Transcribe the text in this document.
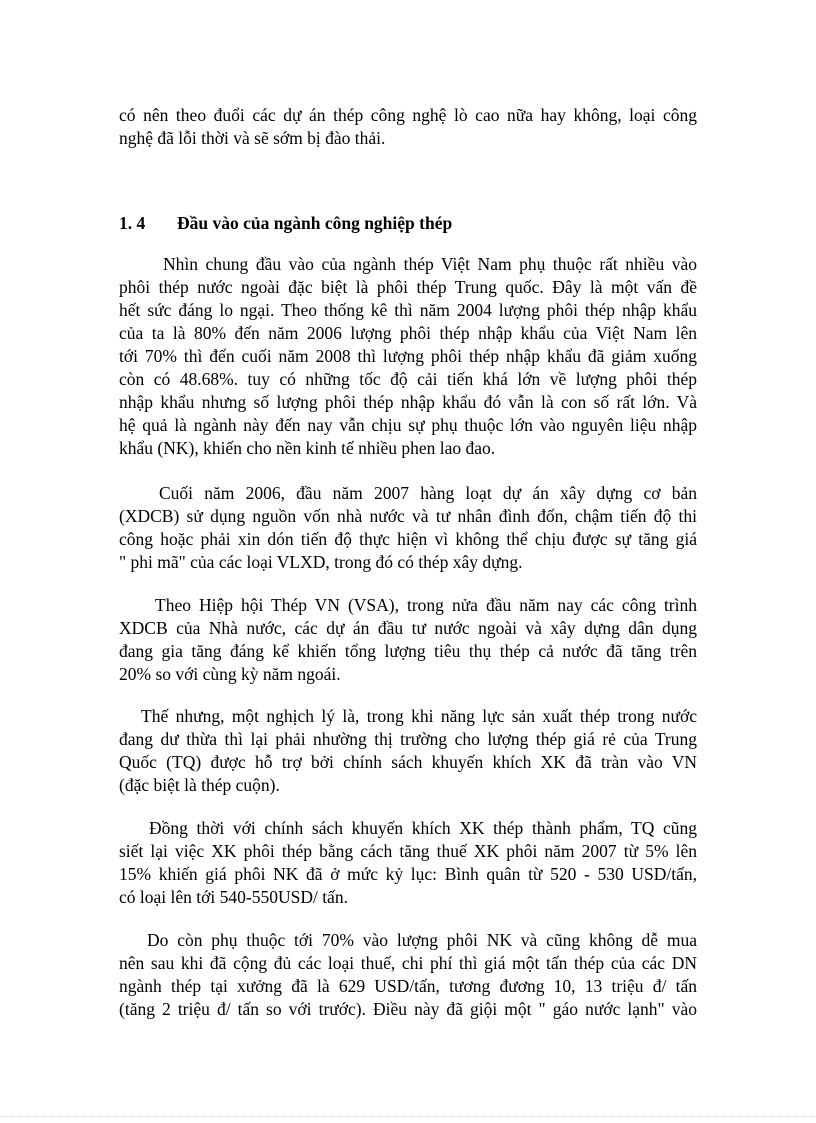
có nên theo đuổi các dự án thép công nghệ lò cao nữa hay không, loại công
nghệ đã lỗi thời và sẽ sớm bị đào thải.
1. 4 Đầu vào của ngành công nghiệp thép
Nhìn chung đầu vào của ngành thép Việt Nam phụ thuộc rất nhiều vào
phôi thép nước ngoài đặc biệt là phôi thép Trung quốc. Đây là một vấn đề
hết sức đáng lo ngại. Theo thống kê thì năm 2004 lượng phôi thép nhập khẩu
của ta là 80% đến năm 2006 lượng phôi thép nhập khẩu của Việt Nam lên
tới 70% thì đến cuối năm 2008 thì lượng phôi thép nhập khẩu đã giảm xuống
còn có 48.68%. tuy có những tốc độ cải tiến khá lớn về lượng phôi thép
nhập khẩu nhưng số lượng phôi thép nhập khẩu đó vẫn là con số rất lớn. Và
hệ quả là ngành này đến nay vẫn chịu sự phụ thuộc lớn vào nguyên liệu nhập
khẩu (NK), khiến cho nền kinh tế nhiều phen lao đao.
Cuối năm 2006, đầu năm 2007 hàng loạt dự án xây dựng cơ bản
(XDCB) sử dụng nguồn vốn nhà nước và tư nhân đình đốn, chậm tiến độ thi
công hoặc phải xin dón tiến độ thực hiện vì không thể chịu được sự tăng giá
" phi mã" của các loại VLXD, trong đó có thép xây dựng.
Theo Hiệp hội Thép VN (VSA), trong nửa đầu năm nay các công trình
XDCB của Nhà nước, các dự án đầu tư nước ngoài và xây dựng dân dụng
đang gia tăng đáng kể khiến tổng lượng tiêu thụ thép cả nước đã tăng trên
20% so với cùng kỳ năm ngoái.
Thế nhưng, một nghịch lý là, trong khi năng lực sản xuất thép trong nước
đang dư thừa thì lại phải nhường thị trường cho lượng thép giá rẻ của Trung
Quốc (TQ) được hỗ trợ bởi chính sách khuyến khích XK đã tràn vào VN
(đặc biệt là thép cuộn).
Đồng thời với chính sách khuyến khích XK thép thành phẩm, TQ cũng
siết lại việc XK phôi thép bằng cách tăng thuế XK phôi năm 2007 từ 5% lên
15% khiến giá phôi NK đã ở mức kỷ lục: Bình quân từ 520 - 530 USD/tấn,
có loại lên tới 540-550USD/ tấn.
Do còn phụ thuộc tới 70% vào lượng phôi NK và cũng không dễ mua
nên sau khi đã cộng đủ các loại thuế, chi phí thì giá một tấn thép của các DN
ngành thép tại xưởng đã là 629 USD/tấn, tương đương 10, 13 triệu đ/ tấn
(tăng 2 triệu đ/ tấn so với trước). Điều này đã giội một " gáo nước lạnh" vào
